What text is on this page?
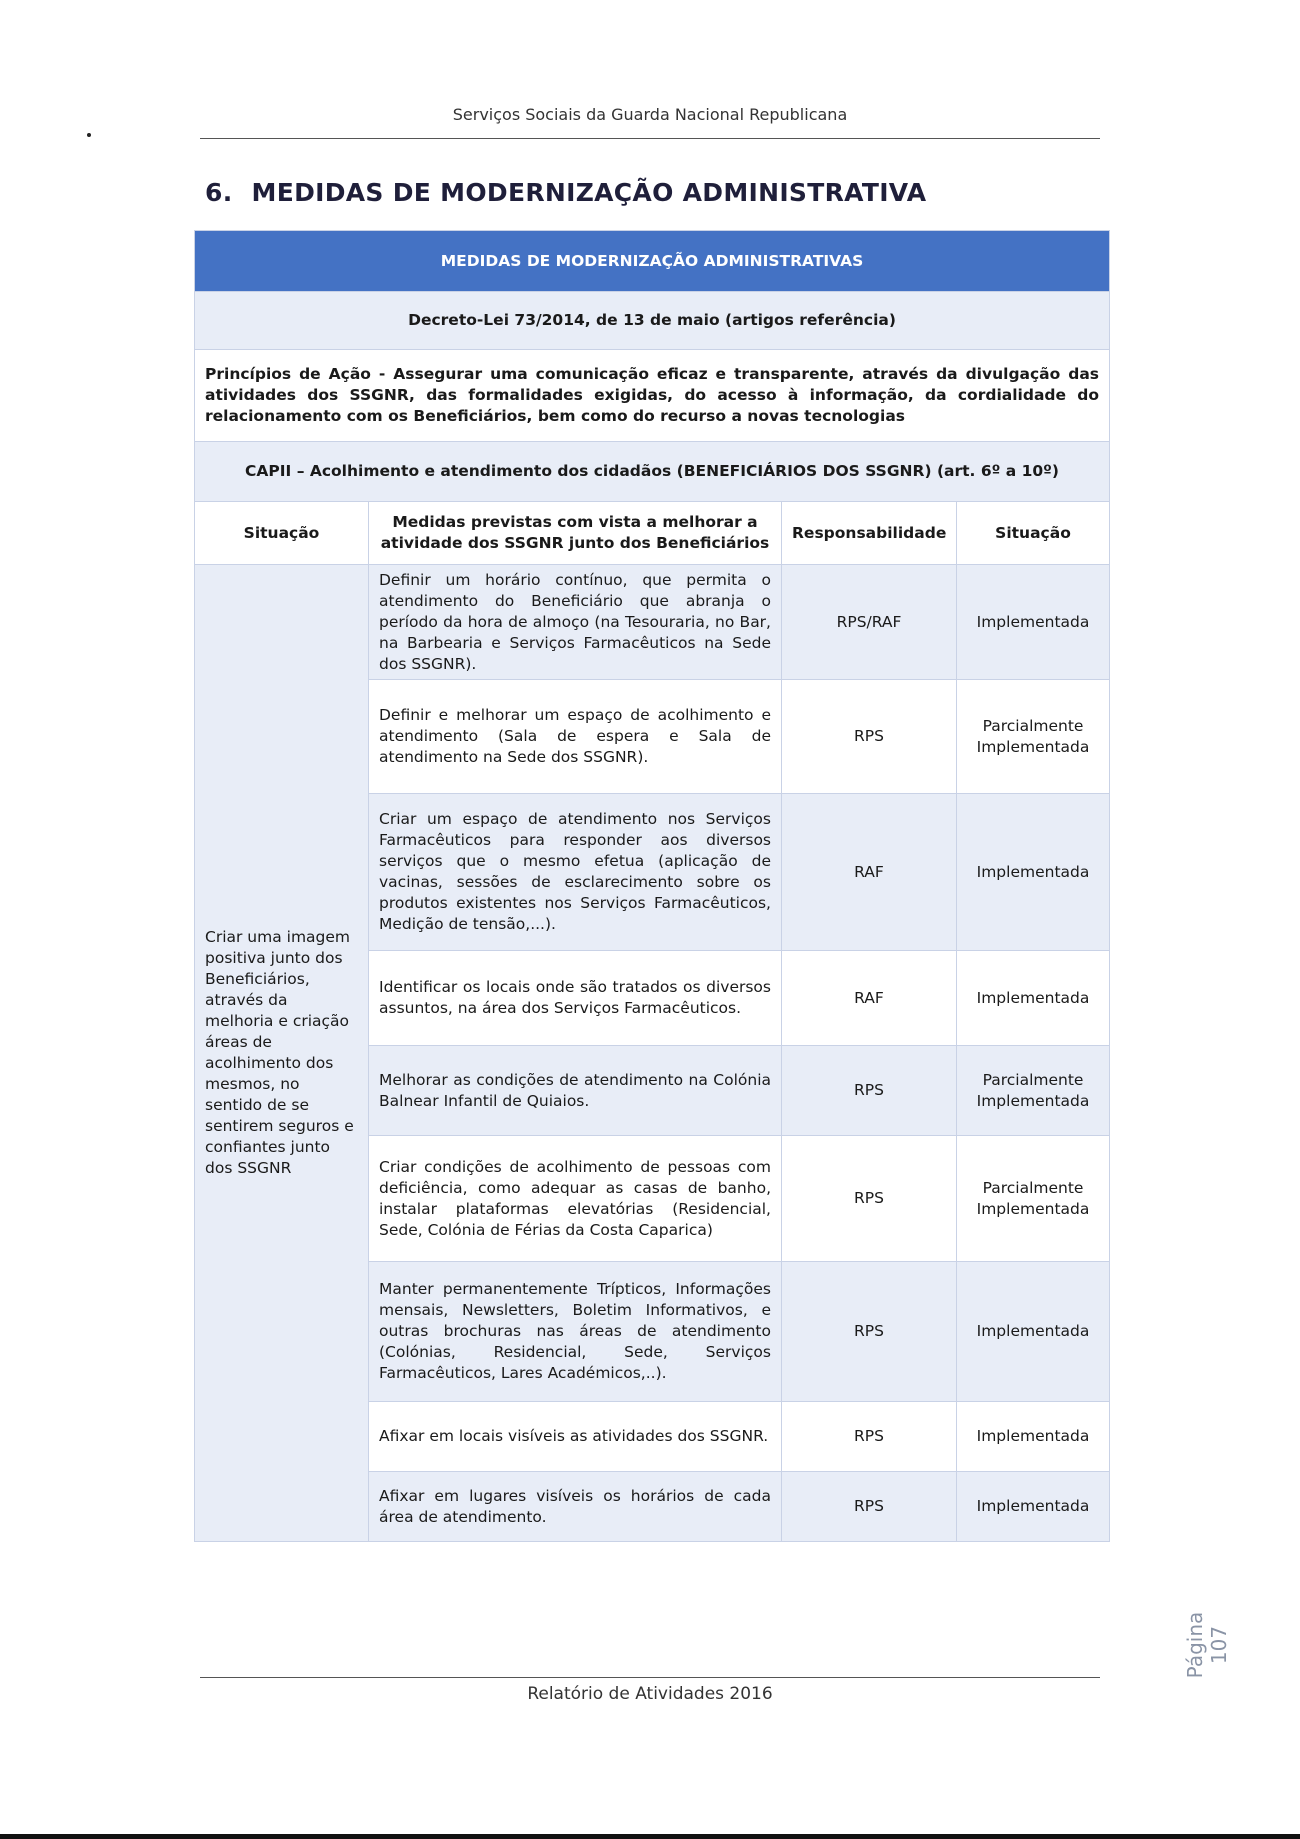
Serviços Sociais da Guarda Nacional Republicana
6. MEDIDAS DE MODERNIZAÇÃO ADMINISTRATIVA
MEDIDAS DE MODERNIZAÇÃO ADMINISTRATIVAS			
Decreto-Lei 73/2014, de 13 de maio (artigos referência)			
Princípios de Ação - Assegurar uma comunicação eficaz e transparente, através da divulgação das atividades dos SSGNR, das formalidades exigidas, do acesso à informação, da cordialidade do relacionamento com os Beneficiários, bem como do recurso a novas tecnologias			
CAPII – Acolhimento e atendimento dos cidadãos (BENEFICIÁRIOS DOS SSGNR) (art. 6º a 10º)			
Situação	Medidas previstas com vista a melhorar a atividade dos SSGNR junto dos Beneficiários	Responsabilidade	Situação
Criar uma imagem positiva junto dos Beneficiários, através da melhoria e criação áreas de acolhimento dos mesmos, no sentido de se sentirem seguros e confiantes junto dos SSGNR	Definir um horário contínuo, que permita o atendimento do Beneficiário que abranja o período da hora de almoço (na Tesouraria, no Bar, na Barbearia e Serviços Farmacêuticos na Sede dos SSGNR).	RPS/RAF	Implementada
	Definir e melhorar um espaço de acolhimento e atendimento (Sala de espera e Sala de atendimento na Sede dos SSGNR).	RPS	Parcialmente Implementada
	Criar um espaço de atendimento nos Serviços Farmacêuticos para responder aos diversos serviços que o mesmo efetua (aplicação de vacinas, sessões de esclarecimento sobre os produtos existentes nos Serviços Farmacêuticos, Medição de tensão,...).	RAF	Implementada
	Identificar os locais onde são tratados os diversos assuntos, na área dos Serviços Farmacêuticos.	RAF	Implementada
	Melhorar as condições de atendimento na Colónia Balnear Infantil de Quiaios.	RPS	Parcialmente Implementada
	Criar condições de acolhimento de pessoas com deficiência, como adequar as casas de banho, instalar plataformas elevatórias (Residencial, Sede, Colónia de Férias da Costa Caparica)	RPS	Parcialmente Implementada
	Manter permanentemente Trípticos, Informações mensais, Newsletters, Boletim Informativos, e outras brochuras nas áreas de atendimento (Colónias, Residencial, Sede, Serviços Farmacêuticos, Lares Académicos,..).	RPS	Implementada
	Afixar em locais visíveis as atividades dos SSGNR.	RPS	Implementada
	Afixar em lugares visíveis os horários de cada área de atendimento.	RPS	Implementada
Página 107
Relatório de Atividades 2016
